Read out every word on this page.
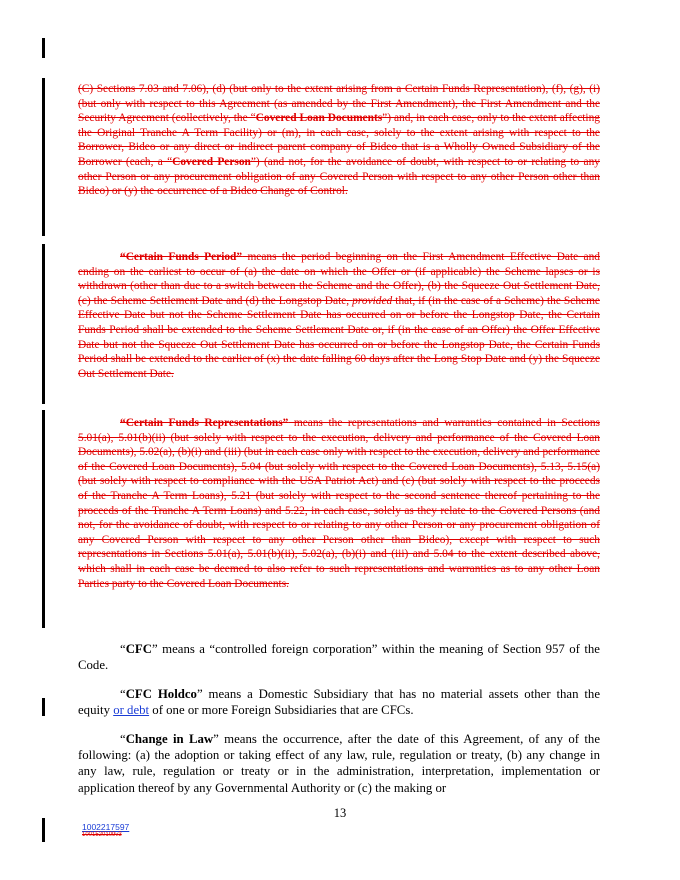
(C) Sections 7.03 and 7.06), (d) (but only to the extent arising from a Certain Funds Representation), (f), (g), (i) (but only with respect to this Agreement (as amended by the First Amendment), the First Amendment and the Security Agreement (collectively, the “Covered Loan Documents”) and, in each case, only to the extent affecting the Original Tranche A Term Facility) or (m), in each case, solely to the extent arising with respect to the Borrower, Bideo or any direct or indirect parent company of Bideo that is a Wholly Owned Subsidiary of the Borrower (each, a “Covered Person”) (and not, for the avoidance of doubt, with respect to or relating to any other Person or any procurement obligation of any Covered Person with respect to any other Person other than Bideo) or (y) the occurrence of a Bideo Change of Control.

“Certain Funds Period” means the period beginning on the First Amendment Effective Date and ending on the earliest to occur of (a) the date on which the Offer or (if applicable) the Scheme lapses or is withdrawn (other than due to a switch between the Scheme and the Offer), (b) the Squeeze Out Settlement Date, (c) the Scheme Settlement Date and (d) the Longstop Date, provided that, if (in the case of a Scheme) the Scheme Effective Date but not the Scheme Settlement Date has occurred on or before the Longstop Date, the Certain Funds Period shall be extended to the Scheme Settlement Date or, if (in the case of an Offer) the Offer Effective Date but not the Squeeze Out Settlement Date has occurred on or before the Longstop Date, the Certain Funds Period shall be extended to the earlier of (x) the date falling 60 days after the Long Stop Date and (y) the Squeeze Out Settlement Date.

“Certain Funds Representations” means the representations and warranties contained in Sections 5.01(a), 5.01(b)(ii) (but solely with respect to the execution, delivery and performance of the Covered Loan Documents), 5.02(a), (b)(i) and (iii) (but in each case only with respect to the execution, delivery and performance of the Covered Loan Documents), 5.04 (but solely with respect to the Covered Loan Documents), 5.13, 5.15(a) (but solely with respect to compliance with the USA Patriot Act) and (c) (but solely with respect to the proceeds of the Tranche A Term Loans), 5.21 (but solely with respect to the second sentence thereof pertaining to the proceeds of the Tranche A Term Loans) and 5.22, in each case, solely as they relate to the Covered Persons (and not, for the avoidance of doubt, with respect to or relating to any other Person or any procurement obligation of any Covered Person with respect to any other Person other than Bideo), except with respect to such representations in Sections 5.01(a), 5.01(b)(ii), 5.02(a), (b)(i) and (iii) and 5.04 to the extent described above, which shall in each case be deemed to also refer to such representations and warranties as to any other Loan Parties party to the Covered Loan Documents.

“CFC” means a “controlled foreign corporation” within the meaning of Section 957 of the Code.

“CFC Holdco” means a Domestic Subsidiary that has no material assets other than the equity or debt of one or more Foreign Subsidiaries that are CFCs.

“Change in Law” means the occurrence, after the date of this Agreement, of any of the following: (a) the adoption or taking effect of any law, rule, regulation or treaty, (b) any change in any law, rule, regulation or treaty or in the administration, interpretation, implementation or application thereof by any Governmental Authority or (c) the making or

13
1002217597
1001520109v3
